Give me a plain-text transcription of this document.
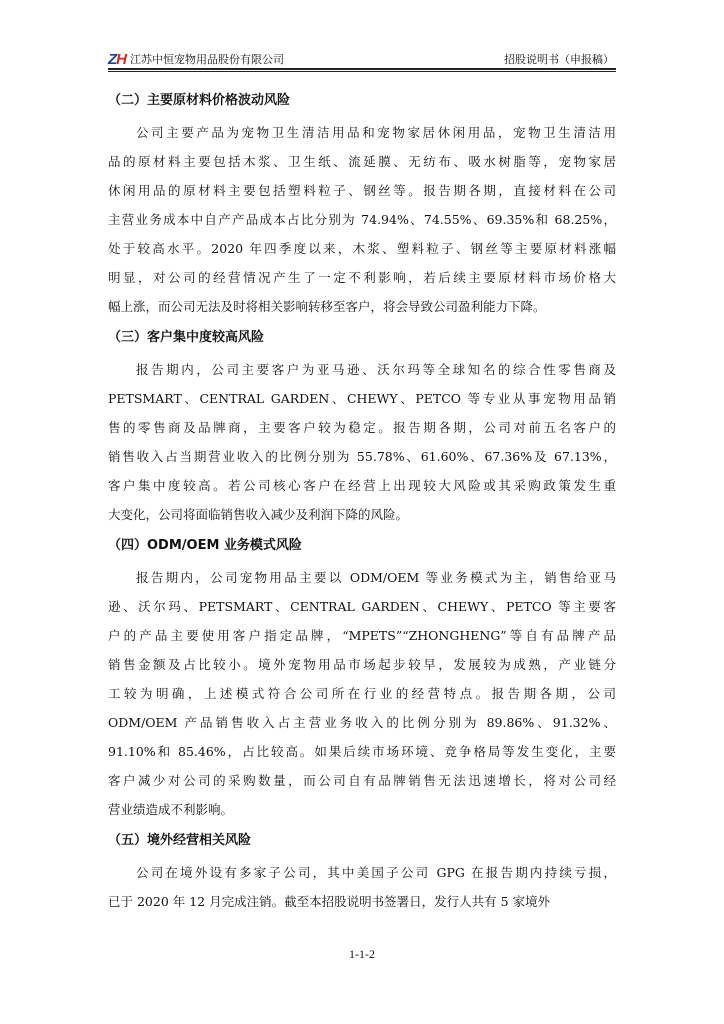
ZH 江苏中恒宠物用品股份有限公司	招股说明书（申报稿）
（二）主要原材料价格波动风险
公司主要产品为宠物卫生清洁用品和宠物家居休闲用品，宠物卫生清洁用
品的原材料主要包括木浆、卫生纸、流延膜、无纺布、吸水树脂等，宠物家居
休闲用品的原材料主要包括塑料粒子、钢丝等。报告期各期，直接材料在公司
主营业务成本中自产产品成本占比分别为 74.94%、74.55%、69.35%和 68.25%，
处于较高水平。2020 年四季度以来，木浆、塑料粒子、钢丝等主要原材料涨幅
明显，对公司的经营情况产生了一定不利影响，若后续主要原材料市场价格大
幅上涨，而公司无法及时将相关影响转移至客户，将会导致公司盈利能力下降。
（三）客户集中度较高风险
报告期内，公司主要客户为亚马逊、沃尔玛等全球知名的综合性零售商及
PETSMART、CENTRAL GARDEN、CHEWY、PETCO 等专业从事宠物用品销
售的零售商及品牌商，主要客户较为稳定。报告期各期，公司对前五名客户的
销售收入占当期营业收入的比例分别为 55.78%、61.60%、67.36%及 67.13%，
客户集中度较高。若公司核心客户在经营上出现较大风险或其采购政策发生重
大变化，公司将面临销售收入减少及利润下降的风险。
（四）ODM/OEM 业务模式风险
报告期内，公司宠物用品主要以 ODM/OEM 等业务模式为主，销售给亚马
逊、沃尔玛、PETSMART、CENTRAL GARDEN、CHEWY、PETCO 等主要客
户的产品主要使用客户指定品牌，“MPETS”“ZHONGHENG”等自有品牌产品
销售金额及占比较小。境外宠物用品市场起步较早，发展较为成熟，产业链分
工较为明确，上述模式符合公司所在行业的经营特点。报告期各期，公司
ODM/OEM 产品销售收入占主营业务收入的比例分别为 89.86%、91.32%、
91.10%和 85.46%，占比较高。如果后续市场环境、竞争格局等发生变化，主要
客户减少对公司的采购数量，而公司自有品牌销售无法迅速增长，将对公司经
营业绩造成不利影响。
（五）境外经营相关风险
公司在境外设有多家子公司，其中美国子公司 GPG 在报告期内持续亏损，
已于 2020 年 12 月完成注销。截至本招股说明书签署日，发行人共有 5 家境外
1-1-2
